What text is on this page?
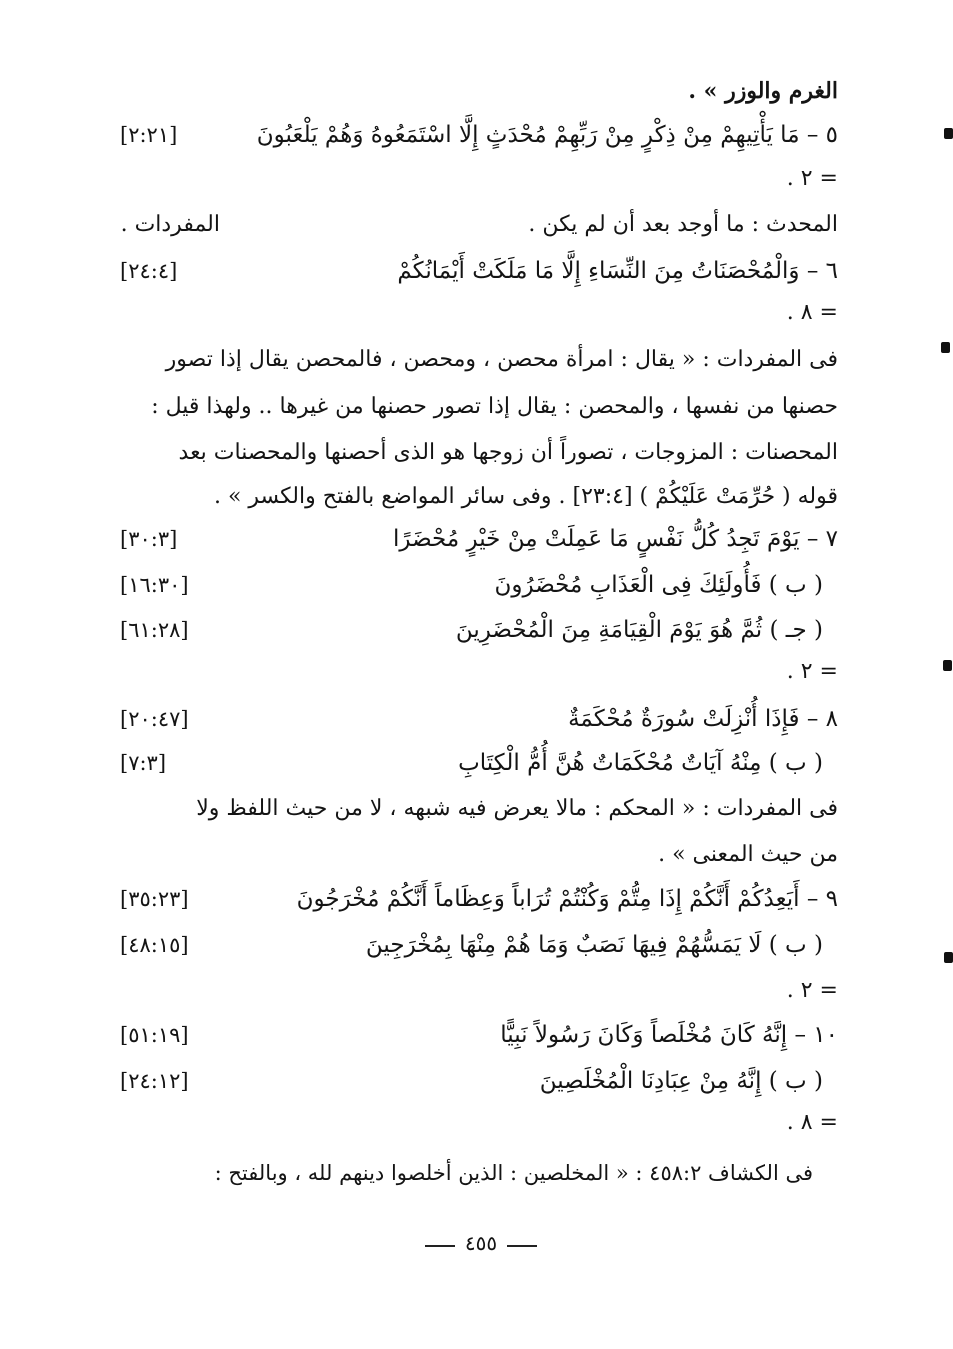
الغرم والوزر » .
٥ – مَا يَأْتِيهِمْ مِنْ ذِكْرٍ مِنْ رَبِّهِمْ مُحْدَثٍ إِلَّا اسْتَمَعُوهُ وَهُمْ يَلْعَبُونَ
[٢:٢١]
= ٢ .
المحدث : ما أوجد بعد أن لم يكن .
المفردات .
٦ – وَالْمُحْصَنَاتُ مِنَ النِّسَاءِ إِلَّا مَا مَلَكَتْ أَيْمَانُكُمْ
[٢٤:٤]
= ٨ .
فى المفردات : « يقال : امرأة محصن ، ومحصن ، فالمحصن يقال إذا تصور
حصنها من نفسها ، والمحصن : يقال إذا تصور حصنها من غيرها .. ولهذا قيل :
المحصنات : المزوجات ، تصوراً أن زوجها هو الذى أحصنها والمحصنات بعد
قوله ( حُرِّمَتْ عَلَيْكُمْ ) [٢٣:٤] . وفى سائر المواضع بالفتح والكسر » .
٧ – يَوْمَ تَجِدُ كُلُّ نَفْسٍ مَا عَمِلَتْ مِنْ خَيْرٍ مُحْضَرًا
[٣٠:٣]
( ب ) فَأُولَئِكَ فِى الْعَذَابِ مُحْضَرُونَ
[١٦:٣٠]
( جـ ) ثُمَّ هُوَ يَوْمَ الْقِيَامَةِ مِنَ الْمُحْضَرِينَ
[٦١:٢٨]
= ٢ .
٨ – فَإِذَا أُنْزِلَتْ سُورَةٌ مُحْكَمَةٌ
[٢٠:٤٧]
( ب ) مِنْهُ آيَاتٌ مُحْكَمَاتٌ هُنَّ أُمُّ الْكِتَابِ
[٧:٣]
فى المفردات : « المحكم : مالا يعرض فيه شبهه ، لا من حيث اللفظ ولا
من حيث المعنى » .
٩ – أَيَعِدُكُمْ أَنَّكُمْ إِذَا مِتُّمْ وَكُنْتُمْ تُرَاباً وَعِظَاماً أَنَّكُمْ مُخْرَجُونَ
[٣٥:٢٣]
( ب ) لَا يَمَسُّهُمْ فِيهَا نَصَبٌ وَمَا هُمْ مِنْهَا بِمُخْرَجِينَ
[٤٨:١٥]
= ٢ .
١٠ – إِنَّهُ كَانَ مُخْلَصاً وَكَانَ رَسُولاً نَبِيًّا
[٥١:١٩]
( ب ) إِنَّهُ مِنْ عِبَادِنَا الْمُخْلَصِينَ
[٢٤:١٢]
= ٨ .
فى الكشاف ٤٥٨:٢ : « المخلصين : الذين أخلصوا دينهم لله ، وبالفتح :
٤٥٥
